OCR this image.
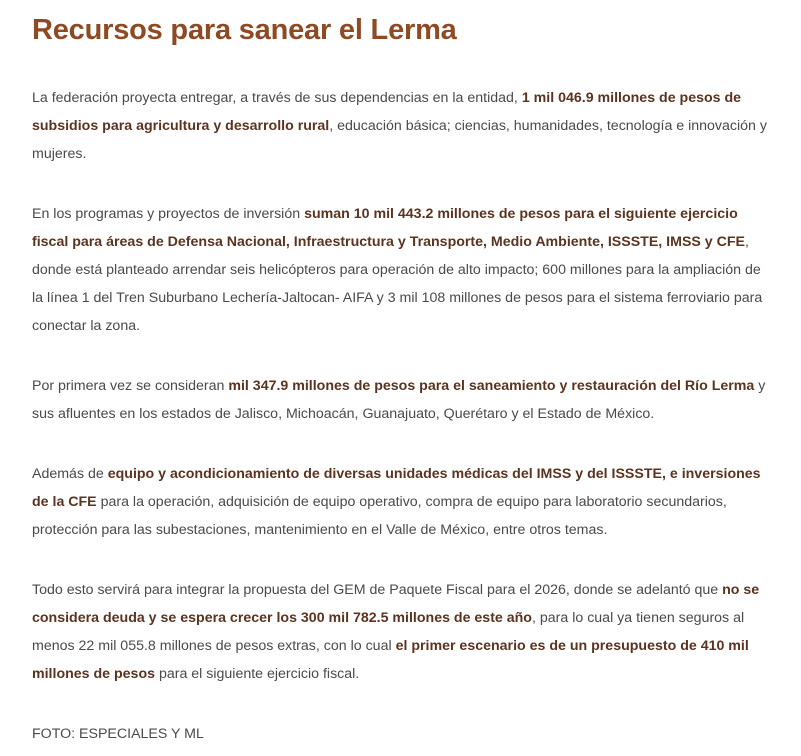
Recursos para sanear el Lerma

La federación proyecta entregar, a través de sus dependencias en la entidad, 1 mil 046.9 millones de pesos de subsidios para agricultura y desarrollo rural, educación básica; ciencias, humanidades, tecnología e innovación y mujeres.

En los programas y proyectos de inversión suman 10 mil 443.2 millones de pesos para el siguiente ejercicio fiscal para áreas de Defensa Nacional, Infraestructura y Transporte, Medio Ambiente, ISSSTE, IMSS y CFE, donde está planteado arrendar seis helicópteros para operación de alto impacto; 600 millones para la ampliación de la línea 1 del Tren Suburbano Lechería-Jaltocan- AIFA y 3 mil 108 millones de pesos para el sistema ferroviario para conectar la zona.

Por primera vez se consideran mil 347.9 millones de pesos para el saneamiento y restauración del Río Lerma y sus afluentes en los estados de Jalisco, Michoacán, Guanajuato, Querétaro y el Estado de México.

Además de equipo y acondicionamiento de diversas unidades médicas del IMSS y del ISSSTE, e inversiones de la CFE para la operación, adquisición de equipo operativo, compra de equipo para laboratorio secundarios, protección para las subestaciones, mantenimiento en el Valle de México, entre otros temas.

Todo esto servirá para integrar la propuesta del GEM de Paquete Fiscal para el 2026, donde se adelantó que no se considera deuda y se espera crecer los 300 mil 782.5 millones de este año, para lo cual ya tienen seguros al menos 22 mil 055.8 millones de pesos extras, con lo cual el primer escenario es de un presupuesto de 410 mil millones de pesos para el siguiente ejercicio fiscal.

FOTO: ESPECIALES Y ML
